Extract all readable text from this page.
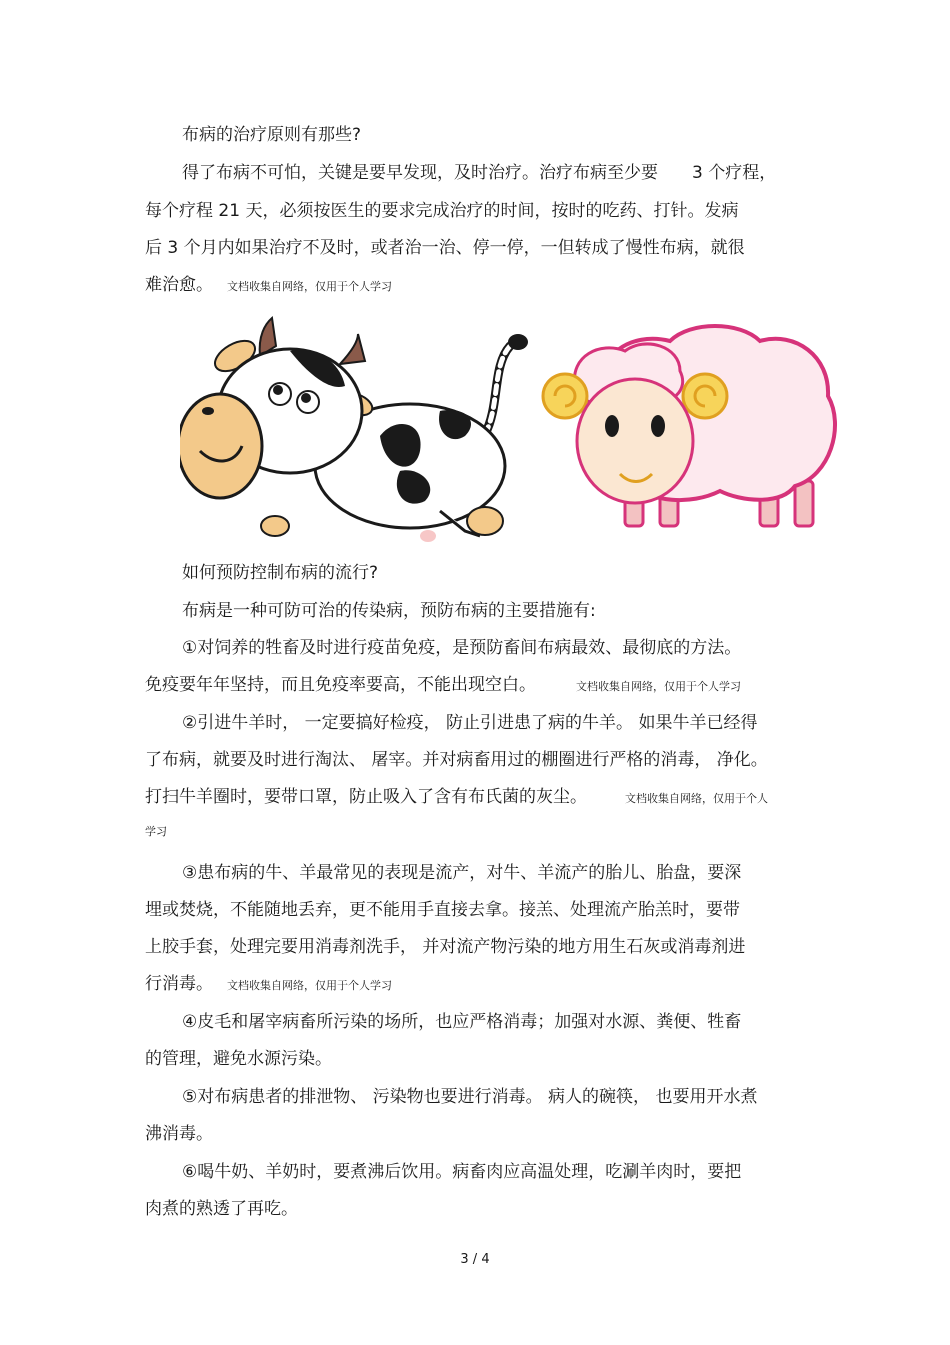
布病的治疗原则有那些?
得了布病不可怕，关键是要早发现，及时治疗。治疗布病至少要　　3 个疗程，
每个疗程 21 天，必须按医生的要求完成治疗的时间，按时的吃药、打针。发病
后 3 个月内如果治疗不及时，或者治一治、停一停，一但转成了慢性布病，就很
难治愈。 文档收集自网络，仅用于个人学习
如何预防控制布病的流行?
布病是一种可防可治的传染病，预防布病的主要措施有:
①对饲养的牲畜及时进行疫苗免疫，是预防畜间布病最效、最彻底的方法。
免疫要年年坚持，而且免疫率要高，不能出现空白。	文档收集自网络，仅用于个人学习
②引进牛羊时， 一定要搞好检疫， 防止引进患了病的牛羊。 如果牛羊已经得
了布病，就要及时进行淘汰、 屠宰。并对病畜用过的棚圈进行严格的消毒， 净化。
打扫牛羊圈时，要带口罩，防止吸入了含有布氏菌的灰尘。	文档收集自网络，仅用于个人
学习
③患布病的牛、羊最常见的表现是流产，对牛、羊流产的胎儿、胎盘，要深
埋或焚烧，不能随地丢弃，更不能用手直接去拿。接羔、处理流产胎羔时，要带
上胶手套，处理完要用消毒剂洗手， 并对流产物污染的地方用生石灰或消毒剂进
行消毒。 文档收集自网络，仅用于个人学习
④皮毛和屠宰病畜所污染的场所，也应严格消毒；加强对水源、粪便、牲畜
的管理，避免水源污染。
⑤对布病患者的排泄物、 污染物也要进行消毒。 病人的碗筷， 也要用开水煮
沸消毒。
⑥喝牛奶、羊奶时，要煮沸后饮用。病畜肉应高温处理，吃涮羊肉时，要把
肉煮的熟透了再吃。
3 / 4
